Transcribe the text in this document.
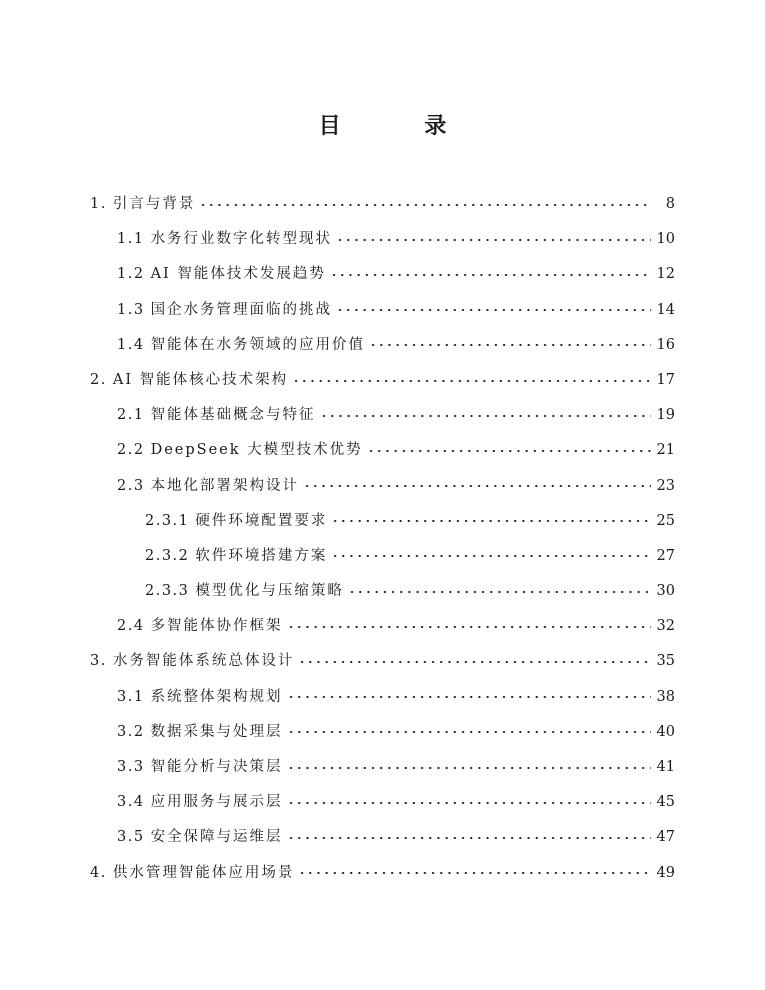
目 录
1. 引言与背景	8
1.1 水务行业数字化转型现状	10
1.2 AI 智能体技术发展趋势	12
1.3 国企水务管理面临的挑战	14
1.4 智能体在水务领域的应用价值	16
2. AI 智能体核心技术架构	17
2.1 智能体基础概念与特征	19
2.2 DeepSeek 大模型技术优势	21
2.3 本地化部署架构设计	23
2.3.1 硬件环境配置要求	25
2.3.2 软件环境搭建方案	27
2.3.3 模型优化与压缩策略	30
2.4 多智能体协作框架	32
3. 水务智能体系统总体设计	35
3.1 系统整体架构规划	38
3.2 数据采集与处理层	40
3.3 智能分析与决策层	41
3.4 应用服务与展示层	45
3.5 安全保障与运维层	47
4. 供水管理智能体应用场景	49
